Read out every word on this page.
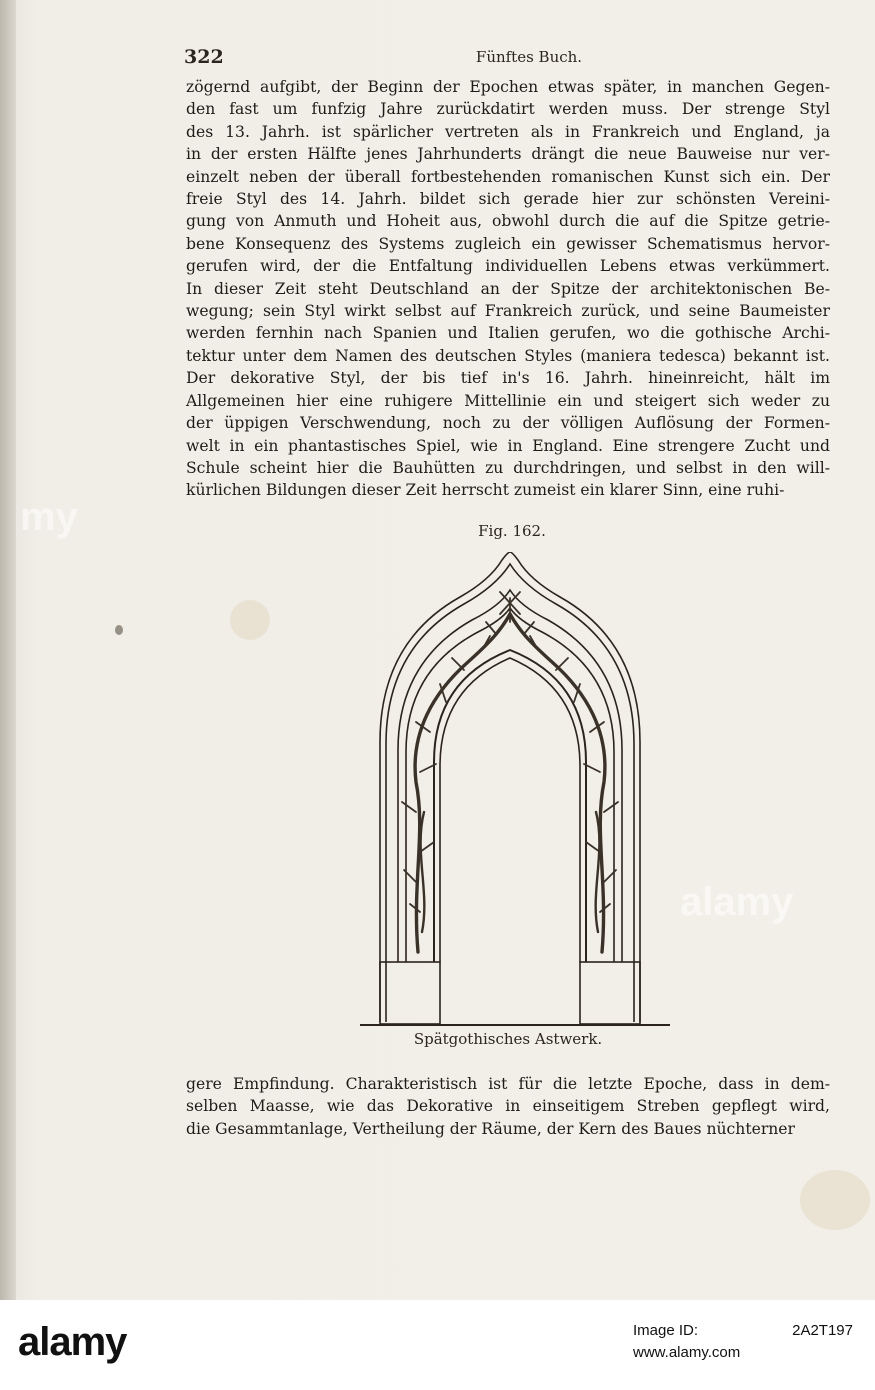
my
alamy
322	Fünftes Buch.
zögernd aufgibt, der Beginn der Epochen etwas später, in manchen Gegen-
den fast um funfzig Jahre zurückdatirt werden muss. Der strenge Styl
des 13. Jahrh. ist spärlicher vertreten als in Frankreich und England, ja
in der ersten Hälfte jenes Jahrhunderts drängt die neue Bauweise nur ver-
einzelt neben der überall fortbestehenden romanischen Kunst sich ein. Der
freie Styl des 14. Jahrh. bildet sich gerade hier zur schönsten Vereini-
gung von Anmuth und Hoheit aus, obwohl durch die auf die Spitze getrie-
bene Konsequenz des Systems zugleich ein gewisser Schematismus hervor-
gerufen wird, der die Entfaltung individuellen Lebens etwas verkümmert.
In dieser Zeit steht Deutschland an der Spitze der architektonischen Be-
wegung; sein Styl wirkt selbst auf Frankreich zurück, und seine Baumeister
werden fernhin nach Spanien und Italien gerufen, wo die gothische Archi-
tektur unter dem Namen des deutschen Styles (maniera tedesca) bekannt ist.
Der dekorative Styl, der bis tief in's 16. Jahrh. hineinreicht, hält im
Allgemeinen hier eine ruhigere Mittellinie ein und steigert sich weder zu
der üppigen Verschwendung, noch zu der völligen Auflösung der Formen-
welt in ein phantastisches Spiel, wie in England. Eine strengere Zucht und
Schule scheint hier die Bauhütten zu durchdringen, und selbst in den will-
kürlichen Bildungen dieser Zeit herrscht zumeist ein klarer Sinn, eine ruhi-
Fig. 162.
Spätgothisches Astwerk.
gere Empfindung. Charakteristisch ist für die letzte Epoche, dass in dem-
selben Maasse, wie das Dekorative in einseitigem Streben gepflegt wird,
die Gesammtanlage, Vertheilung der Räume, der Kern des Baues nüchterner
alamy	Image ID:	2A2T197
www.alamy.com
